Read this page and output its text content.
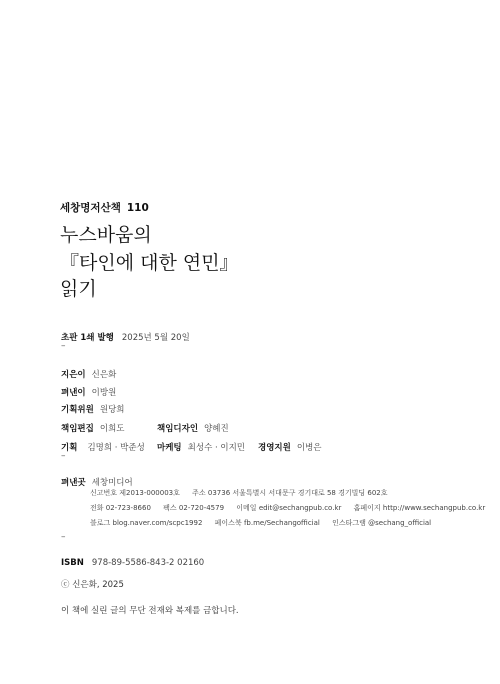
세창명저산책 110
누스바움의
『타인에 대한 연민』
읽기
초판 1쇄 발행 2025년 5월 20일
–
지은이 신은화
펴낸이 이방원
기획위원 원당희
책임편집 이희도	책임디자인 양혜진
기획 김명희 · 박준성 마케팅 최성수 · 이지민 경영지원 이병은
–
펴낸곳 세창미디어
신고번호 제2013-000003호 주소 03736 서울특별시 서대문구 경기대로 58 경기빌딩 602호
전화 02-723-8660 팩스 02-720-4579 이메일 edit@sechangpub.co.kr 홈페이지 http://www.sechangpub.co.kr
블로그 blog.naver.com/scpc1992 페이스북 fb.me/Sechangofficial 인스타그램 @sechang_official
–
ISBN 978-89-5586-843-2 02160
ⓒ 신은화, 2025
이 책에 실린 글의 무단 전재와 복제를 금합니다.
